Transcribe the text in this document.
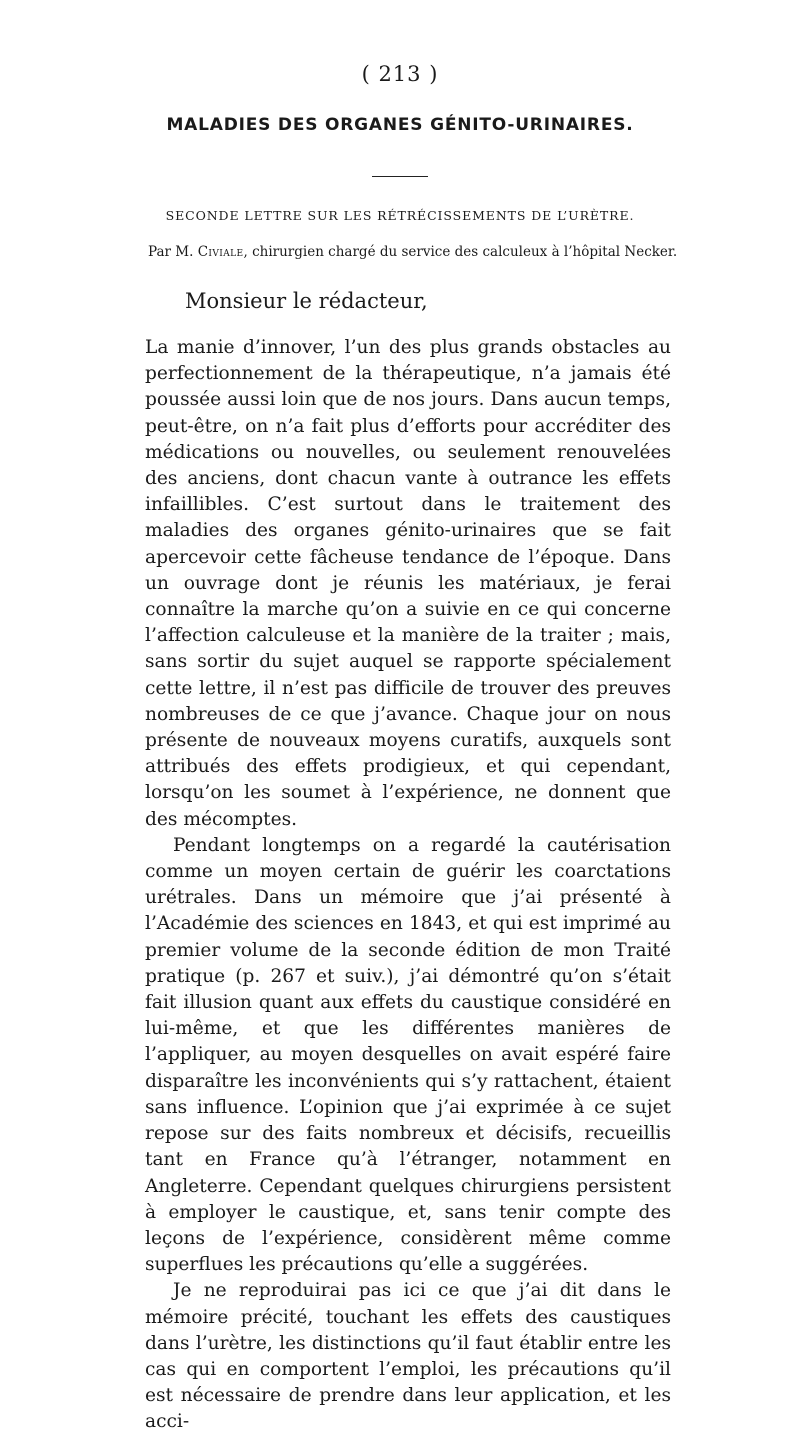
( 213 )
MALADIES DES ORGANES GÉNITO-URINAIRES.
SECONDE LETTRE SUR LES RÉTRÉCISSEMENTS DE L’URÈTRE.
Par M. Civiale, chirurgien chargé du service des calculeux à l’hôpital Necker.
Monsieur le rédacteur,

La manie d’innover, l’un des plus grands obstacles au perfectionnement de la thérapeutique, n’a jamais été poussée aussi loin que de nos jours. Dans aucun temps, peut-être, on n’a fait plus d’efforts pour accréditer des médications ou nouvelles, ou seulement renouvelées des anciens, dont chacun vante à outrance les effets infaillibles. C’est surtout dans le traitement des maladies des organes génito-urinaires que se fait apercevoir cette fâcheuse tendance de l’époque. Dans un ouvrage dont je réunis les matériaux, je ferai connaître la marche qu’on a suivie en ce qui concerne l’affection calculeuse et la manière de la traiter ; mais, sans sortir du sujet auquel se rapporte spécialement cette lettre, il n’est pas difficile de trouver des preuves nombreuses de ce que j’avance. Chaque jour on nous présente de nouveaux moyens curatifs, auxquels sont attribués des effets prodigieux, et qui cependant, lorsqu’on les soumet à l’expérience, ne donnent que des mécomptes.

Pendant longtemps on a regardé la cautérisation comme un moyen certain de guérir les coarctations urétrales. Dans un mémoire que j’ai présenté à l’Académie des sciences en 1843, et qui est imprimé au premier volume de la seconde édition de mon Traité pratique (p. 267 et suiv.), j’ai démontré qu’on s’était fait illusion quant aux effets du caustique considéré en lui-même, et que les différentes manières de l’appliquer, au moyen desquelles on avait espéré faire disparaître les inconvénients qui s’y rattachent, étaient sans influence. L’opinion que j’ai exprimée à ce sujet repose sur des faits nombreux et décisifs, recueillis tant en France qu’à l’étranger, notamment en Angleterre. Cependant quelques chirurgiens persistent à employer le caustique, et, sans tenir compte des leçons de l’expérience, considèrent même comme superflues les précautions qu’elle a suggérées.

Je ne reproduirai pas ici ce que j’ai dit dans le mémoire précité, touchant les effets des caustiques dans l’urètre, les distinctions qu’il faut établir entre les cas qui en comportent l’emploi, les précautions qu’il est nécessaire de prendre dans leur application, et les acci-
